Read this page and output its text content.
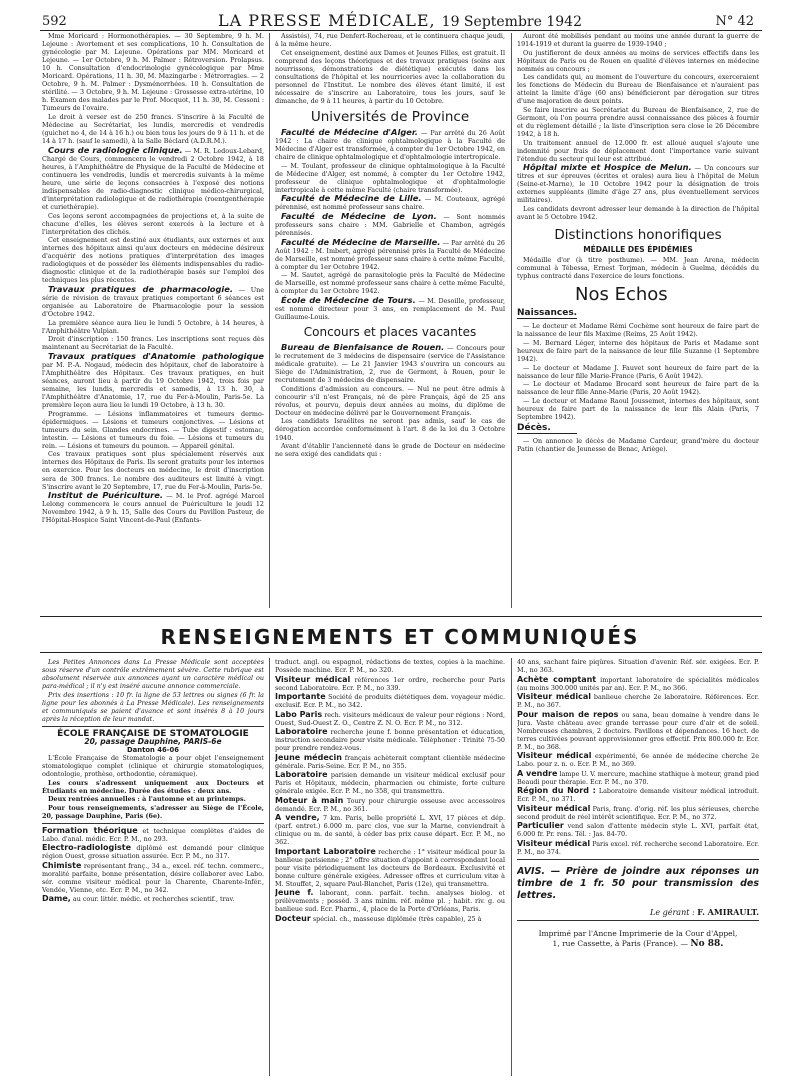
592	LA PRESSE MÉDICALE, 19 Septembre 1942	N° 42

Mme Moricard : Hormonothérapies. — 30 Septembre, 9 h. M. Lejeune : Avortement et ses complications, 10 h. Consultation de gynécologie par M. Lejeune. Opérations par MM. Moricard et Lejeune. — 1er Octobre, 9 h. M. Palmer : Rétroversion. Prolapsus. 10 h. Consultation d'endocrinologie gynécologique par Mme Moricard. Opérations, 11 h. 30, M. Mazingarbe : Métrorragies. — 2 Octobre, 9 h. M. Palmer : Dysménorrhées. 10 h. Consultation de stérilité. — 3 Octobre, 9 h. M. Lejeune : Grossesse extra-utérine, 10 h. Examen des malades par le Prof. Mocquot, 11 h. 30, M. Cessoni : Tumeurs de l'ovaire.

Le droit à verser est de 250 francs. S'inscrire à la Faculté de Médecine au Secrétariat, les lundis, mercredis et vendredis (guichet no 4, de 14 à 16 h.) ou bien tous les jours de 9 à 11 h. et de 14 à 17 h. (sauf le samedi), à la Salle Béclard (A.D.R.M.).

Cours de radiologie clinique. — M. R. Ledoux-Lebard, Chargé de Cours, commencera le vendredi 2 Octobre 1942, à 18 heures, à l'Amphithéâtre de Physique de la Faculté de Médecine et continuera les vendredis, lundis et mercredis suivants à la même heure, une série de leçons consacrées à l'exposé des notions indispensables de radio-diagnostic clinique médico-chirurgical, d'interprétation radiologique et de radiothérapie (roentgenthérapie et curiethérapie).

Ces leçons seront accompagnées de projections et, à la suite de chacune d'elles, les élèves seront exercés à la lecture et à l'interprétation des clichés.

Cet enseignement est destiné aux étudiants, aux externes et aux internes des hôpitaux ainsi qu'aux docteurs en médecine désireux d'acquérir des notions pratiques d'interprétation des images radiologiques et de posséder les éléments indispensables du radio-diagnostic clinique et de la radiothérapie basés sur l'emploi des techniques les plus récentes.

Travaux pratiques de pharmacologie. — Une série de révision de travaux pratiques comportant 6 séances est organisée au Laboratoire de Pharmacologie pour la session d'Octobre 1942.

La première séance aura lieu le lundi 5 Octobre, à 14 heures, à l'Amphithéâtre Vulpian.

Droit d'inscription : 150 francs. Les inscriptions sont reçues dès maintenant au Secrétariat de la Faculté.

Travaux pratiques d'Anatomie pathologique par M. P.-A. Nogaud, médecin des hôpitaux, chef de laboratoire à l'Amphithéâtre des Hôpitaux. Ces travaux pratiques, en huit séances, auront lieu à partir du 19 Octobre 1942, trois fois par semaine, les lundis, mercredis et samedis, à 13 h. 30, à l'Amphithéâtre d'Anatomie, 17, rue du Fer-à-Moulin, Paris-5e. La première leçon aura lieu le lundi 19 Octobre, à 13 h. 30.

Programme. — Lésions inflammatoires et tumeurs dermo-épidermiques. — Lésions et tumeurs conjonctives. — Lésions et tumeurs du sein. Glandes endocrines. — Tube digestif : estomac, intestin. — Lésions et tumeurs du foie. — Lésions et tumeurs du rein. — Lésions et tumeurs du poumon. — Appareil génital.

Ces travaux pratiques sont plus spécialement réservés aux internes des Hôpitaux de Paris. Ils seront gratuits pour les internes en exercice. Pour les docteurs en médecine, le droit d'inscription sera de 300 francs. Le nombre des auditeurs est limité à vingt. S'inscrire avant le 20 Septembre, 17, rue du Fer-à-Moulin, Paris-5e.

Institut de Puériculture. — M. le Prof. agrégé Marcel Lelong commencera le cours annuel de Puériculture le jeudi 12 Novembre 1942, à 9 h. 15, Salle des Cours du Pavillon Pasteur, de l'Hôpital-Hospice Saint Vincent-de-Paul (Enfants-

Assistés), 74, rue Denfert-Rochereau, et le continuera chaque jeudi, à la même heure.

Cet enseignement, destiné aux Dames et Jeunes Filles, est gratuit. Il comprend des leçons théoriques et des travaux pratiques (soins aux nourrissons, démonstrations de diététique) exécutés dans les consultations de l'hôpital et les nourriceries avec la collaboration du personnel de l'Institut. Le nombre des élèves étant limité, il est nécessaire de s'inscrire au Laboratoire, tous les jours, sauf le dimanche, de 9 à 11 heures, à partir du 10 Octobre.

Universités de Province

Faculté de Médecine d'Alger. — Par arrêté du 26 Août 1942 : La chaire de clinique ophtalmologique à la Faculté de Médecine d'Alger est transformée, à compter du 1er Octobre 1942, en chaire de clinique ophtalmologique et d'ophtalmologie intertropicale.

— M. Toulant, professeur de clinique ophtalmologique à la Faculté de Médecine d'Alger, est nommé, à compter du 1er Octobre 1942, professeur de clinique ophtalmologique et d'ophtalmologie intertropicale à cette même Faculté (chaire transformée).

Faculté de Médecine de Lille. — M. Couteaux, agrégé pérennisé, est nommé professeur sans chaire.

Faculté de Médecine de Lyon. — Sont nommés professeurs sans chaire : MM. Gabrielle et Chambon, agrégés pérennisés.

Faculté de Médecine de Marseille. — Par arrêté du 26 Août 1942 : M. Imbert, agrégé pérennisé près la Faculté de Médecine de Marseille, est nommé professeur sans chaire à cette même Faculté, à compter du 1er Octobre 1942.

— M. Sautet, agrégé de parasitologie près la Faculté de Médecine de Marseille, est nommé professeur sans chaire à cette même Faculté, à compter du 1er Octobre 1942.

École de Médecine de Tours. — M. Desoille, professeur, est nommé directeur pour 3 ans, en remplacement de M. Paul Guillaume-Louis.

Concours et places vacantes

Bureau de Bienfaisance de Rouen. — Concours pour le recrutement de 3 médecins de dispensaire (service de l'Assistance médicale gratuite). — Le 21 Janvier 1943 s'ouvrira un concours au Siège de l'Administration, 2, rue de Germont, à Rouen, pour le recrutement de 3 médecins de dispensaire.

Conditions d'admission au concours. — Nul ne peut être admis à concourir s'il n'est Français, né de père Français, âgé de 25 ans révolus, et pourvu, depuis deux années au moins, du diplôme de Docteur en médecine délivré par le Gouvernement Français.

Les candidats Israélites ne seront pas admis, sauf le cas de dérogation accordée conformément à l'art. 8 de la loi du 3 Octobre 1940.

Avant d'établir l'ancienneté dans le grade de Docteur en médecine ne sera exigé des candidats qui :

Auront été mobilisés pendant au moins une année durant la guerre de 1914-1919 et durant la guerre de 1939-1940 ;

Ou justifieront de deux années au moins de services effectifs dans les Hôpitaux de Paris ou de Rouen en qualité d'élèves internes en médecine nommés au concours ;

Les candidats qui, au moment de l'ouverture du concours, exerceraient les fonctions de Médecin du Bureau de Bienfaisance et n'auraient pas atteint la limite d'âge (60 ans) bénéficieront par dérogation sur titres d'une majoration de deux points.

Se faire inscrire au Secrétariat du Bureau de Bienfaisance, 2, rue de Germont, où l'on pourra prendre aussi connaissance des pièces à fournir et du règlement détaillé ; la liste d'inscription sera close le 26 Décembre 1942, à 18 h.

Un traitement annuel de 12.000 fr. est alloué auquel s'ajoute une indemnité pour frais de déplacement dont l'importance varie suivant l'étendue du secteur qui leur est attribué.

Hôpital mixte et Hospice de Melun. — Un concours sur titres et sur épreuves (écrites et orales) aura lieu à l'hôpital de Melun (Seine-et-Marne), le 10 Octobre 1942 pour la désignation de trois externes suppléants (limite d'âge 27 ans, plus éventuellement services militaires).

Les candidats devront adresser leur demande à la direction de l'hôpital avant le 5 Octobre 1942.

Distinctions honorifiques
MÉDAILLE DES ÉPIDÉMIES

Médaille d'or (à titre posthume). — MM. Jean Arena, médecin communal à Tébessa, Ernest Torjman, médecin à Guelma, décédés du typhus contracté dans l'exercice de leurs fonctions.

Nos Echos
Naissances.

— Le docteur et Madame Rémi Cochème sont heureux de faire part de la naissance de leur fils Maxime (Reims, 25 Août 1942).

— M. Bernard Léger, interne des hôpitaux de Paris et Madame sont heureux de faire part de la naissance de leur fille Suzanne (1 Septembre 1942).

— Le docteur et Madame J. Fauvet sont heureux de faire part de la naissance de leur fille Marie-France (Paris, 6 Août 1942).

— Le docteur et Madame Brocard sont heureux de faire part de la naissance de leur fille Anne-Marie (Paris, 20 Août 1942).

— Le docteur et Madame Raoul Joussemet, internes des hôpitaux, sont heureux de faire part de la naissance de leur fils Alain (Paris, 7 Septembre 1942).

Décès.

— On annonce le décès de Madame Cardeur, grand'mère du docteur Patin (chantier de Jeunesse de Benac, Ariège).

RENSEIGNEMENTS ET COMMUNIQUÉS

Les Petites Annonces dans La Presse Médicale sont acceptées sous réserve d'un contrôle extrêmement sévère. Cette rubrique est absolument réservée aux annonces ayant un caractère médical ou para-médical ; il n'y est inséré aucune annonce commerciale.

Prix des insertions : 10 fr. la ligne de 53 lettres ou signes (6 fr. la ligne pour les abonnés à La Presse Médicale). Les renseignements et communiqués se paient d'avance et sont insérés 8 à 10 jours après la réception de leur mandat.

ÉCOLE FRANÇAISE DE STOMATOLOGIE
20, passage Dauphine, PARIS-6e
Danton 46-06

L'École Française de Stomatologie a pour objet l'enseignement stomatologique complet (clinique et chirurgie stomatologiques, odontologie, prothèse, orthodontie, céramique).

Les cours s'adressent uniquement aux Docteurs et Étudiants en médecine. Durée des études : deux ans.

Deux rentrées annuelles : à l'automne et au printemps.

Pour tous renseignements, s'adresser au Siège de l'École, 20, passage Dauphine, Paris (6e).

Formation théorique et technique complètes d'aides de Labo. d'anal. médic. Ecr. P. M., no 293.
Electro-radiologiste diplômé est demandé pour clinique région Ouest, grosse situation assurée. Ecr. P. M., no 317.
Chimiste représentant franç., 34 a., excel. réf. techn. commerc., moralité parfaite, bonne présentation, désire collaborer avec Labo. sér. comme visiteur médical pour la Charente, Charente-Infér., Vendée, Vienne, etc. Ecr. P. M., no 342.
Dame, au cour. littér. médic. et recherches scientif., trav.
traduct. angl. ou espagnol, rédactions de textes, copies à la machine. Possède machine. Ecr. P. M., no 320.
Visiteur médical références 1er ordre, recherche pour Paris second Laboratoire. Ecr. P. M., no 339.
Importante Société de produits diététiques dem. voyageur médic. exclusif. Ecr. P. M., no 342.
Labo Paris rech. visiteurs médicaux de valeur pour régions : Nord, Ouest, Sud-Ouest Z. O., Centre Z. N. O. Ecr. P. M., no 312.
Laboratoire recherche jeune f. bonne présentation et éducation, instruction secondaire pour visite médicale. Téléphoner : Trinité 75-50 pour prendre rendez-vous.
Jeune médecin français achèterait comptant clientèle médecine générale. Paris-Seine. Ecr. P. M., no 355.
Laboratoire parisien demande un visiteur médical exclusif pour Paris et Hôpitaux, médecin, pharmacien ou chimiste, forte culture générale exigée. Ecr. P. M., no 358, qui transmettra.
Moteur à main Toury pour chirurgie osseuse avec accessoires demandé. Ecr. P. M., no 361.
A vendre, 7 km. Paris, belle propriété L. XVI, 17 pièces et dép. (parf. entret.) 6.000 m. parc clos, vue sur la Marne, conviendrait à clinique ou m. de santé, à céder bas prix cause départ. Ecr. P. M., no 362.
Important Laboratoire recherche : 1° visiteur médical pour la banlieue parisienne ; 2° offre situation d'appoint à correspondant local pour visite périodiquement les docteurs de Bordeaux. Exclusivité et bonne culture générale exigées. Adresser offres et curriculum vitæ à M. Stouffet, 2, square Paul-Blanchet, Paris (12e), qui transmettra.
Jeune f. laborant, conn. parfait. techn. analyses biolog. et prélèvements ; posséd. 3 ans minim. réf. même pl. ; habit. riv. g. ou banlieue sud. Ecr. Pharm., 4, place de la Porte d'Orléans, Paris.
Docteur spécial. ch., masseuse diplômée (très capable), 25 à
40 ans, sachant faire piqûres. Situation d'avenir. Réf. sér. exigées. Ecr. P. M., no 363.
Achète comptant important laboratoire de spécialités médicales (au moins 300.000 unités par an). Ecr. P. M., no 366.
Visiteur médical banlieue cherche 2e laboratoire. Références. Ecr. P. M., no 367.
Pour maison de repos ou sana, beau domaine à vendre dans le Jura. Vaste château avec grande terrasse pour cure d'air et de soleil. Nombreuses chambres, 2 doctoirs. Pavillons et dépendances. 16 hect. de terres cultivées pouvant approvisionner gros effectif. Prix 800.000 fr. Ecr. P. M., no 368.
Visiteur médical expérimenté, 6e année de médecine cherche 2e Labo. pour z. n. o. Ecr. P. M., no 369.
A vendre lampe U. V. mercure, machine stathique à moteur, grand pied Beaudi pour thérapie. Ecr. P. M., no 370.
Région du Nord : Laboratoire demande visiteur médical introduit. Ecr. P. M., no 371.
Visiteur médical Paris, franç. d'orig. réf. les plus sérieuses, cherche second produit de réel intérêt scientifique. Ecr. P. M., no 372.
Particulier vend salon d'attente médecin style L. XVI, parfait état, 6.000 fr. Pr. rens. Tél. : Jas. 84-70.
Visiteur médical Paris excel. réf. recherche second Laboratoire. Ecr. P. M., no 374.
AVIS. — Prière de joindre aux réponses un timbre de 1 fr. 50 pour transmission des lettres.
Le gérant : F. AMIRAULT.
Imprimé par l'Ancne Imprimerie de la Cour d'Appel,
1, rue Cassette, à Paris (France). — No 88.
